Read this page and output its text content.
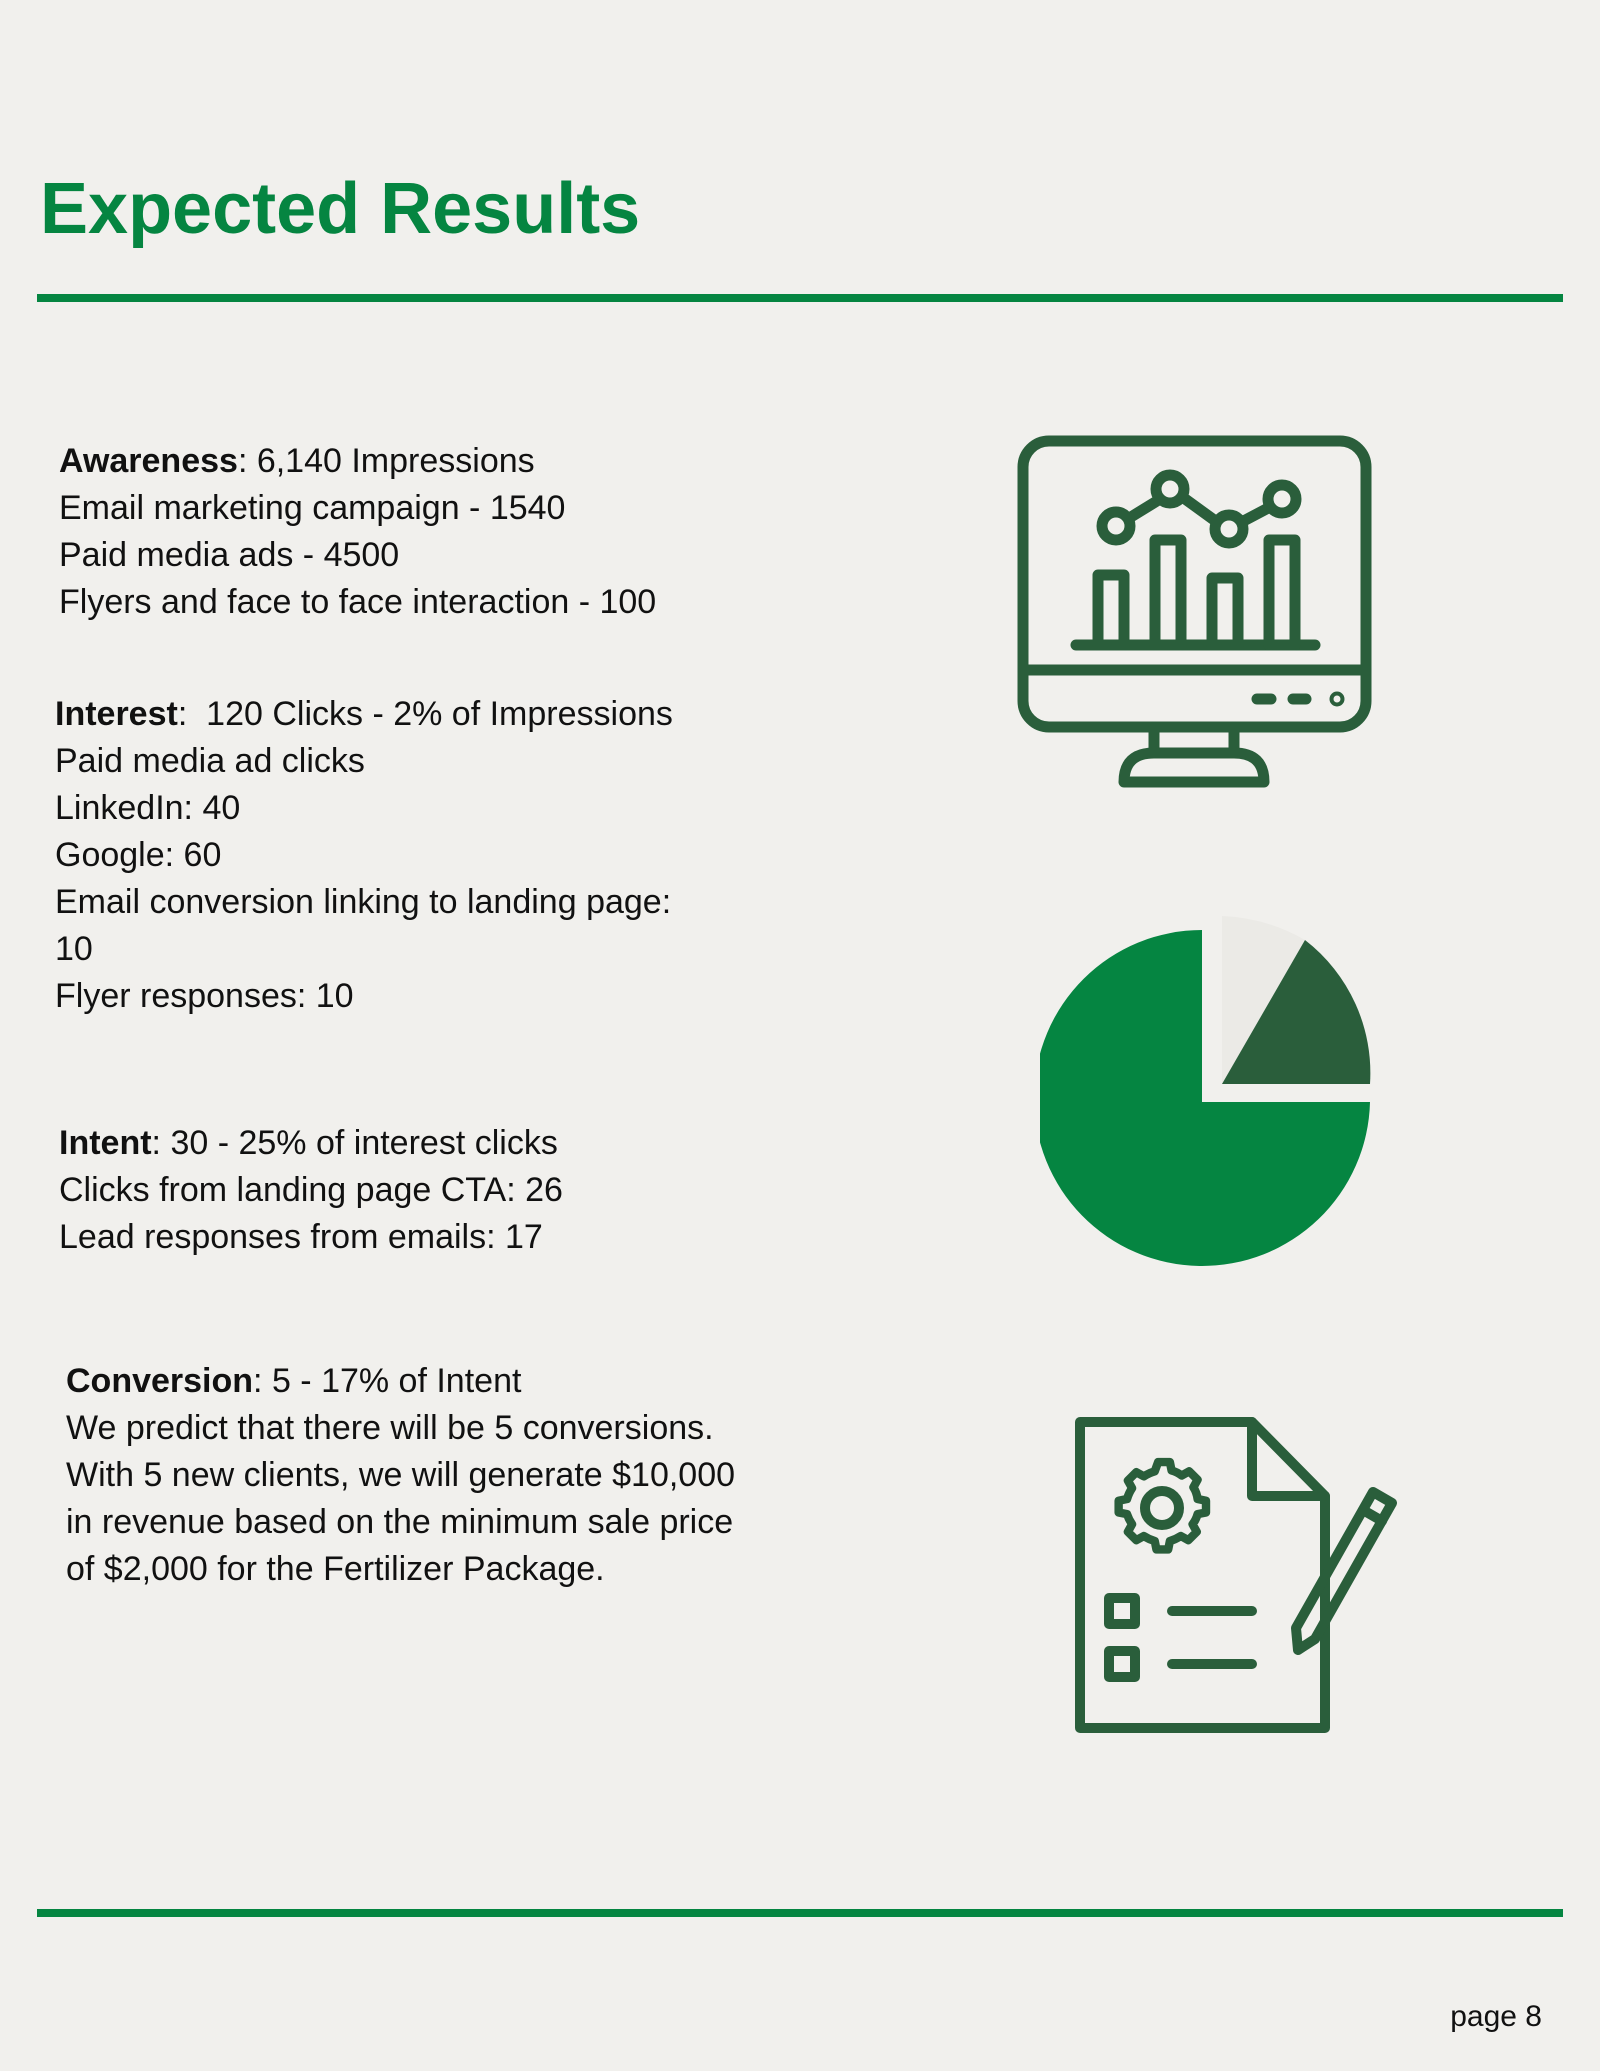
Expected Results

Awareness: 6,140 Impressions

Email marketing campaign - 1540

Paid media ads - 4500

Flyers and face to face interaction - 100

Interest:  120 Clicks - 2% of Impressions

Paid media ad clicks

LinkedIn: 40

Google: 60

Email conversion linking to landing page:

10

Flyer responses: 10

Intent: 30 - 25% of interest clicks

Clicks from landing page CTA: 26

Lead responses from emails: 17

Conversion: 5 - 17% of Intent

We predict that there will be 5 conversions.

With 5 new clients, we will generate $10,000

in revenue based on the minimum sale price

of $2,000 for the Fertilizer Package.

page 8
